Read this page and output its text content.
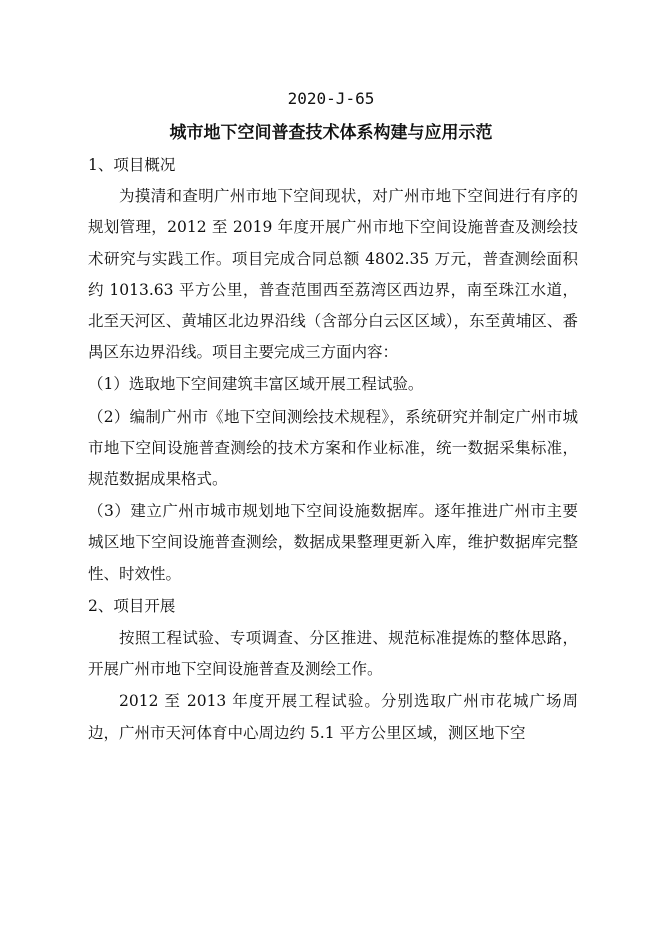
2020-J-65
城市地下空间普查技术体系构建与应用示范

1、项目概况

为摸清和查明广州市地下空间现状，对广州市地下空间进行有序的规划管理，2012 至 2019 年度开展广州市地下空间设施普查及测绘技术研究与实践工作。项目完成合同总额 4802.35 万元，普查测绘面积约 1013.63 平方公里，普查范围西至荔湾区西边界，南至珠江水道，北至天河区、黄埔区北边界沿线（含部分白云区区域），东至黄埔区、番禺区东边界沿线。项目主要完成三方面内容：

（1）选取地下空间建筑丰富区域开展工程试验。

（2）编制广州市《地下空间测绘技术规程》，系统研究并制定广州市城市地下空间设施普查测绘的技术方案和作业标准，统一数据采集标准，规范数据成果格式。

（3）建立广州市城市规划地下空间设施数据库。逐年推进广州市主要城区地下空间设施普查测绘，数据成果整理更新入库，维护数据库完整性、时效性。

2、项目开展

按照工程试验、专项调查、分区推进、规范标准提炼的整体思路，开展广州市地下空间设施普查及测绘工作。

2012 至 2013 年度开展工程试验。分别选取广州市花城广场周边，广州市天河体育中心周边约 5.1 平方公里区域，测区地下空
